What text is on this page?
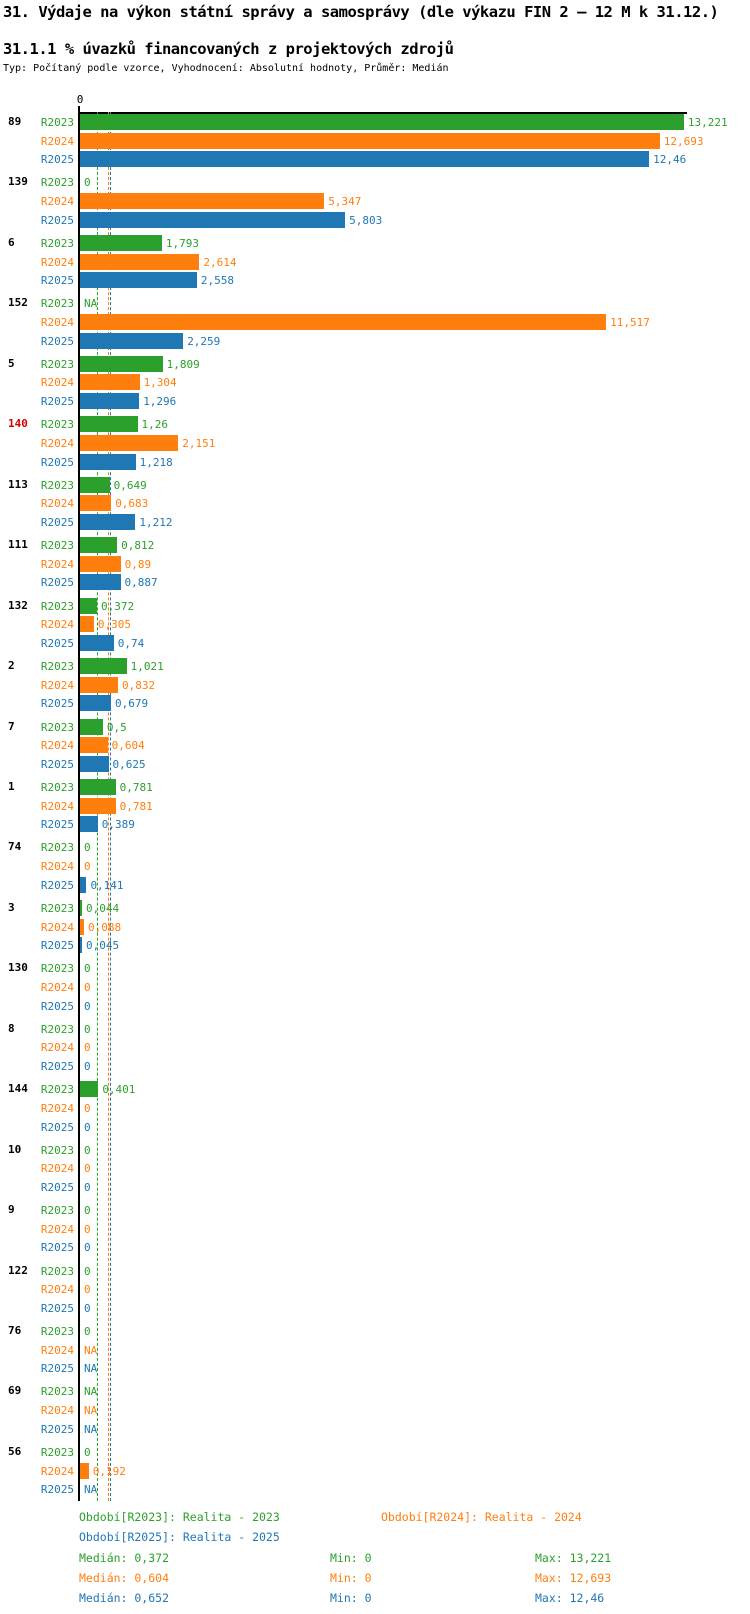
31. Výdaje na výkon státní správy a samosprávy (dle výkazu FIN 2 – 12 M k 31.12.)
31.1.1 % úvazků financovaných z projektových zdrojů
Typ: Počítaný podle vzorce, Vyhodnocení: Absolutní hodnoty, Průměr: Medián
0
89 R2023	13,221
R2024	12,693
R2025	12,46
139 R2023 0
R2024	5,347
R2025	5,803
6 R2023	1,793
R2024	2,614
R2025	2,558
152 R2023 NA
R2024	11,517
R2025	2,259
5 R2023	1,809
R2024	1,304
R2025	1,296
140 R2023	1,26
R2024	2,151
R2025	1,218
113 R2023	0,649
R2024	0,683
R2025	1,212
111 R2023	0,812
R2024	0,89
R2025	0,887
132 R2023 0,372
R2024 0,305
R2025	0,74
2 R2023	1,021
R2024	0,832
R2025	0,679
7 R2023	0,5
R2024	0,604
R2025	0,625
1 R2023	0,781
R2024	0,781
R2025	0,389
74 R2023 0
R2024 0
R2025 0,141
3 R2023 0,044
R2024 0,088
R2025 0,045
130 R2023 0
R2024 0
R2025 0
8 R2023 0
R2024 0
R2025 0
144 R2023	0,401
R2024 0
R2025 0
10 R2023 0
R2024 0
R2025 0
9 R2023 0
R2024 0
R2025 0
122 R2023 0
R2024 0
R2025 0
76 R2023 0
R2024 NA
R2025 NA
69 R2023 NA
R2024 NA
R2025 NA
56 R2023 0
R2024 0,192
R2025 NA
Období[R2023]: Realita - 2023	Období[R2024]: Realita - 2024
Období[R2025]: Realita - 2025
Medián: 0,372	Min: 0	Max: 13,221
Medián: 0,604	Min: 0	Max: 12,693
Medián: 0,652	Min: 0	Max: 12,46
